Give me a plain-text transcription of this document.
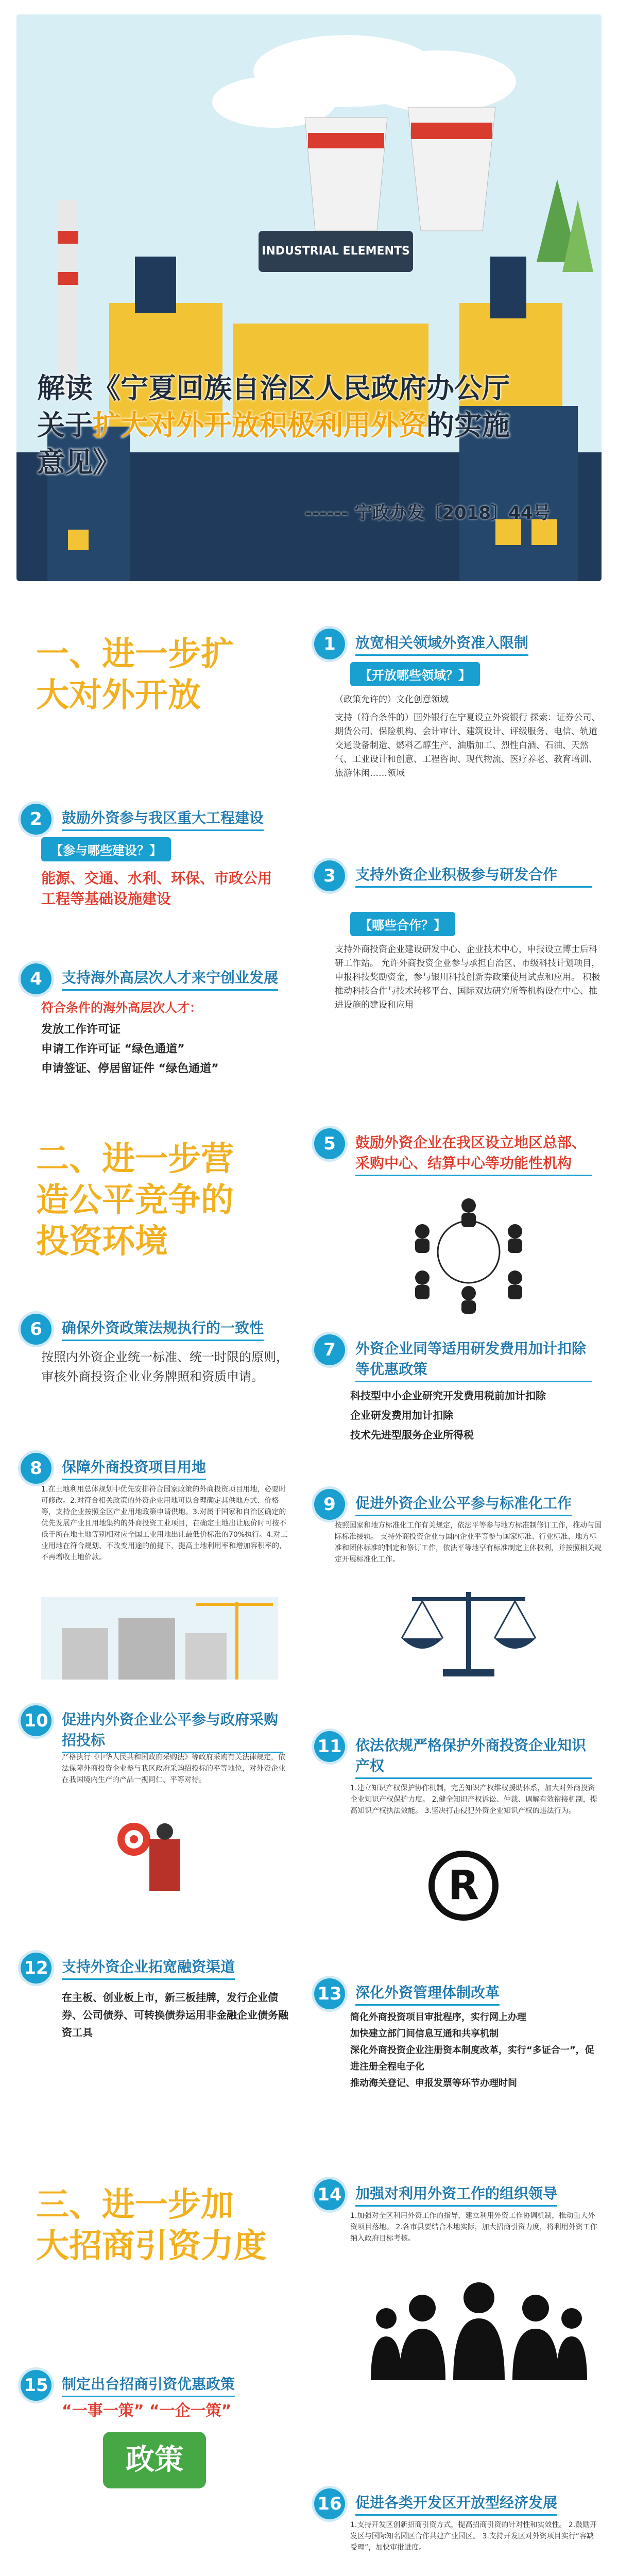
INDUSTRIAL ELEMENTS
解读《宁夏回族自治区人民政府办公厅
关于扩大对外开放积极利用外资的实施
意见》
------ 宁政办发〔2018〕44号
一、进一步扩
大对外开放
1	放宽相关领域外资准入限制
【开放哪些领域？】
（政策允许的）文化创意领域
支持（符合条件的）国外银行在宁夏设立外资银行 探索：证券公司、期货公司、保险机构、会计审计、建筑设计、评级服务、电信、轨道交通设备制造、燃料乙醇生产、油脂加工、烈性白酒、石油、天然气、工业设计和创意、工程咨询、现代物流、医疗养老、教育培训、旅游休闲……领域
2	鼓励外资参与我区重大工程建设
【参与哪些建设？】
能源、交通、水利、环保、市政公用工程等基础设施建设
3	支持外资企业积极参与研发合作
【哪些合作？】
支持外商投资企业建设研发中心、企业技术中心，申报设立博士后科研工作站。 允许外商投资企业参与承担自治区、市级科技计划项目，申报科技奖励资金，参与银川科技创新券政策使用试点和应用。 积极推动科技合作与技术转移平台、国际双边研究所等机构设在中心、推进设施的建设和应用
4	支持海外高层次人才来宁创业发展
符合条件的海外高层次人才：
发放工作许可证
申请工作许可证 “绿色通道”
申请签证、停居留证件 “绿色通道”
二、进一步营
造公平竞争的
投资环境
5	鼓励外资企业在我区设立地区总部、采购中心、结算中心等功能性机构
6	确保外资政策法规执行的一致性
按照内外资企业统一标准、统一时限的原则，审核外商投资企业业务牌照和资质申请。
7	外资企业同等适用研发费用加计扣除等优惠政策
科技型中小企业研究开发费用税前加计扣除
企业研发费用加计扣除
技术先进型服务企业所得税
8	保障外商投资项目用地
1.在土地利用总体规划中优先安排符合国家政策的外商投资项目用地，必要时可修改。2.对符合相关政策的外资企业用地可以合理确定其供地方式、价格等，支持企业按照全区产业用地政策申请供地。3.对属于国家和自治区确定的优先发展产业且用地集约的外商投资工业项目，在确定土地出让底价时可按不低于所在地土地等别相对应全国工业用地出让最低价标准的70%执行。4.对工业用地在符合规划、不改变用途的前提下，提高土地利用率和增加容积率的，不再增收土地价款。
9	促进外资企业公平参与标准化工作
按照国家和地方标准化工作有关规定，依法平等参与地方标准制修订工作，推动与国际标准接轨。 支持外商投资企业与国内企业平等参与国家标准、行业标准、地方标准和团体标准的制定和修订工作，依法平等地享有标准制定主体权利，并按照相关规定开展标准化工作。
10 促进内外资企业公平参与政府采购招投标
严格执行《中华人民共和国政府采购法》等政府采购有关法律规定，依法保障外商投资企业参与我区政府采购招投标的平等地位，对外资企业在我国境内生产的产品一视同仁、平等对待。
11 依法依规严格保护外商投资企业知识产权
1.建立知识产权保护协作机制，完善知识产权维权援助体系，加大对外商投资企业知识产权保护力度。 2.健全知识产权诉讼、仲裁、调解有效衔接机制，提高知识产权执法效能。 3.坚决打击侵犯外资企业知识产权的违法行为。
R
12 支持外资企业拓宽融资渠道
在主板、创业板上市，新三板挂牌，发行企业债券、公司债券、可转换债券运用非金融企业债务融资工具
13 深化外资管理体制改革
简化外商投资项目审批程序，实行网上办理
加快建立部门间信息互通和共享机制
深化外商投资企业注册资本制度改革，实行“多证合一”，促进注册全程电子化
推动海关登记、申报发票等环节办理时间
三、进一步加
大招商引资力度
14 加强对利用外资工作的组织领导
1.加强对全区利用外资工作的指导，建立利用外资工作协调机制，推动重大外资项目落地。 2.各市县要结合本地实际，加大招商引资力度，将利用外资工作纳入政府目标考核。
15 制定出台招商引资优惠政策
“一事一策” “一企一策”
政策
16 促进各类开发区开放型经济发展
1.支持开发区创新招商引资方式，提高招商引资的针对性和实效性。 2.鼓励开发区与国际知名园区合作共建产业园区。 3.支持开发区对外资项目实行“容缺受理”，加快审批进度。
